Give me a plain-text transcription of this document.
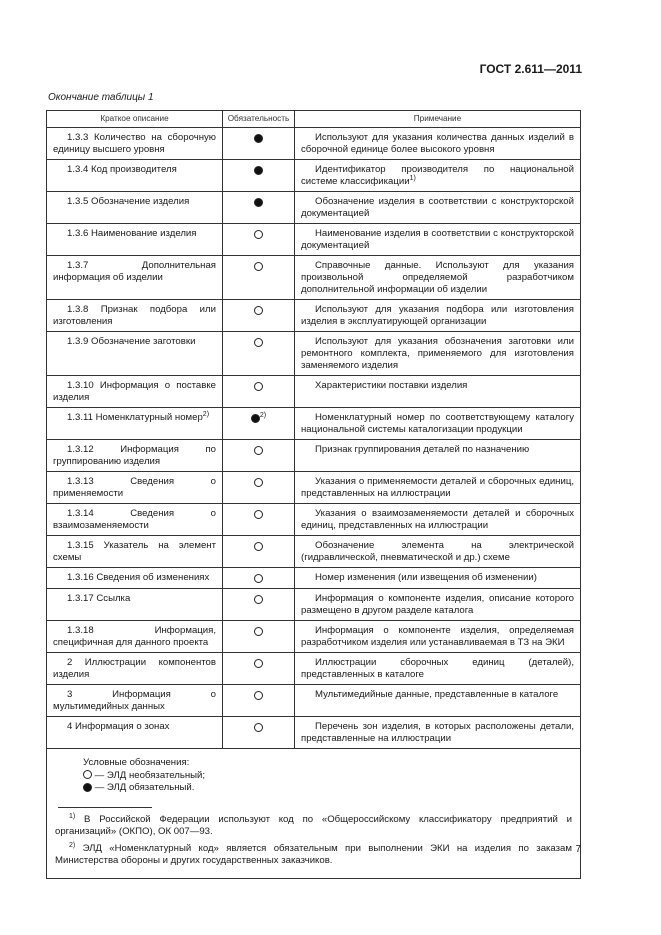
ГОСТ 2.611—2011
Окончание таблицы 1
Краткое описание	Обязательность	Примечание
1.3.3 Количество на сборочную единицу высшего уровня		Используют для указания количества данных изделий в сборочной единице более высокого уровня
1.3.4 Код производителя		Идентификатор производителя по национальной системе классификации$^{1)}$
1.3.5 Обозначение изделия		Обозначение изделия в соответствии с конструкторской документацией
1.3.6 Наименование изделия		Наименование изделия в соответствии с конструкторской документацией
1.3.7 Дополнительная информация об изделии		Справочные данные. Используют для указания произвольной определяемой разработчиком дополнительной информации об изделии
1.3.8 Признак подбора или изготовления		Используют для указания подбора или изготовления изделия в эксплуатирующей организации
1.3.9 Обозначение заготовки		Используют для указания обозначения заготовки или ремонтного комплекта, применяемого для изготовления заменяемого изделия
1.3.10 Информация о поставке изделия		Характеристики поставки изделия
1.3.11 Номенклатурный номер$^{2)}$	$^{2)}$	Номенклатурный номер по соответствующему каталогу национальной системы каталогизации продукции
1.3.12 Информация по группированию изделия		Признак группирования деталей по назначению
1.3.13 Сведения о применяемости		Указания о применяемости деталей и сборочных единиц, представленных на иллюстрации
1.3.14 Сведения о взаимозаменяемости		Указания о взаимозаменяемости деталей и сборочных единиц, представленных на иллюстрации
1.3.15 Указатель на элемент схемы		Обозначение элемента на электрической (гидравлической, пневматической и др.) схеме
1.3.16 Сведения об изменениях		Номер изменения (или извещения об изменении)
1.3.17 Ссылка		Информация о компоненте изделия, описание которого размещено в другом разделе каталога
1.3.18 Информация, специфичная для данного проекта		Информация о компоненте изделия, определяемая разработчиком изделия или устанавливаемая в ТЗ на ЭКИ
2 Иллюстрации компонентов изделия		Иллюстрации сборочных единиц (деталей), представленных в каталоге
3 Информация о мультимедийных данных		Мультимедийные данные, представленные в каталоге
4 Информация о зонах		Перечень зон изделия, в которых расположены детали, представленные на иллюстрации

Условные обозначения:
— ЭЛД необязательный;
— ЭЛД обязательный.
$^{1)}$ В Российской Федерации используют код по «Общероссийскому классификатору предприятий и организаций» (ОКПО), ОК 007—93.
$^{2)}$ ЭЛД «Номенклатурный код» является обязательным при выполнении ЭКИ на изделия по заказам Министерства обороны и других государственных заказчиков.		
7
